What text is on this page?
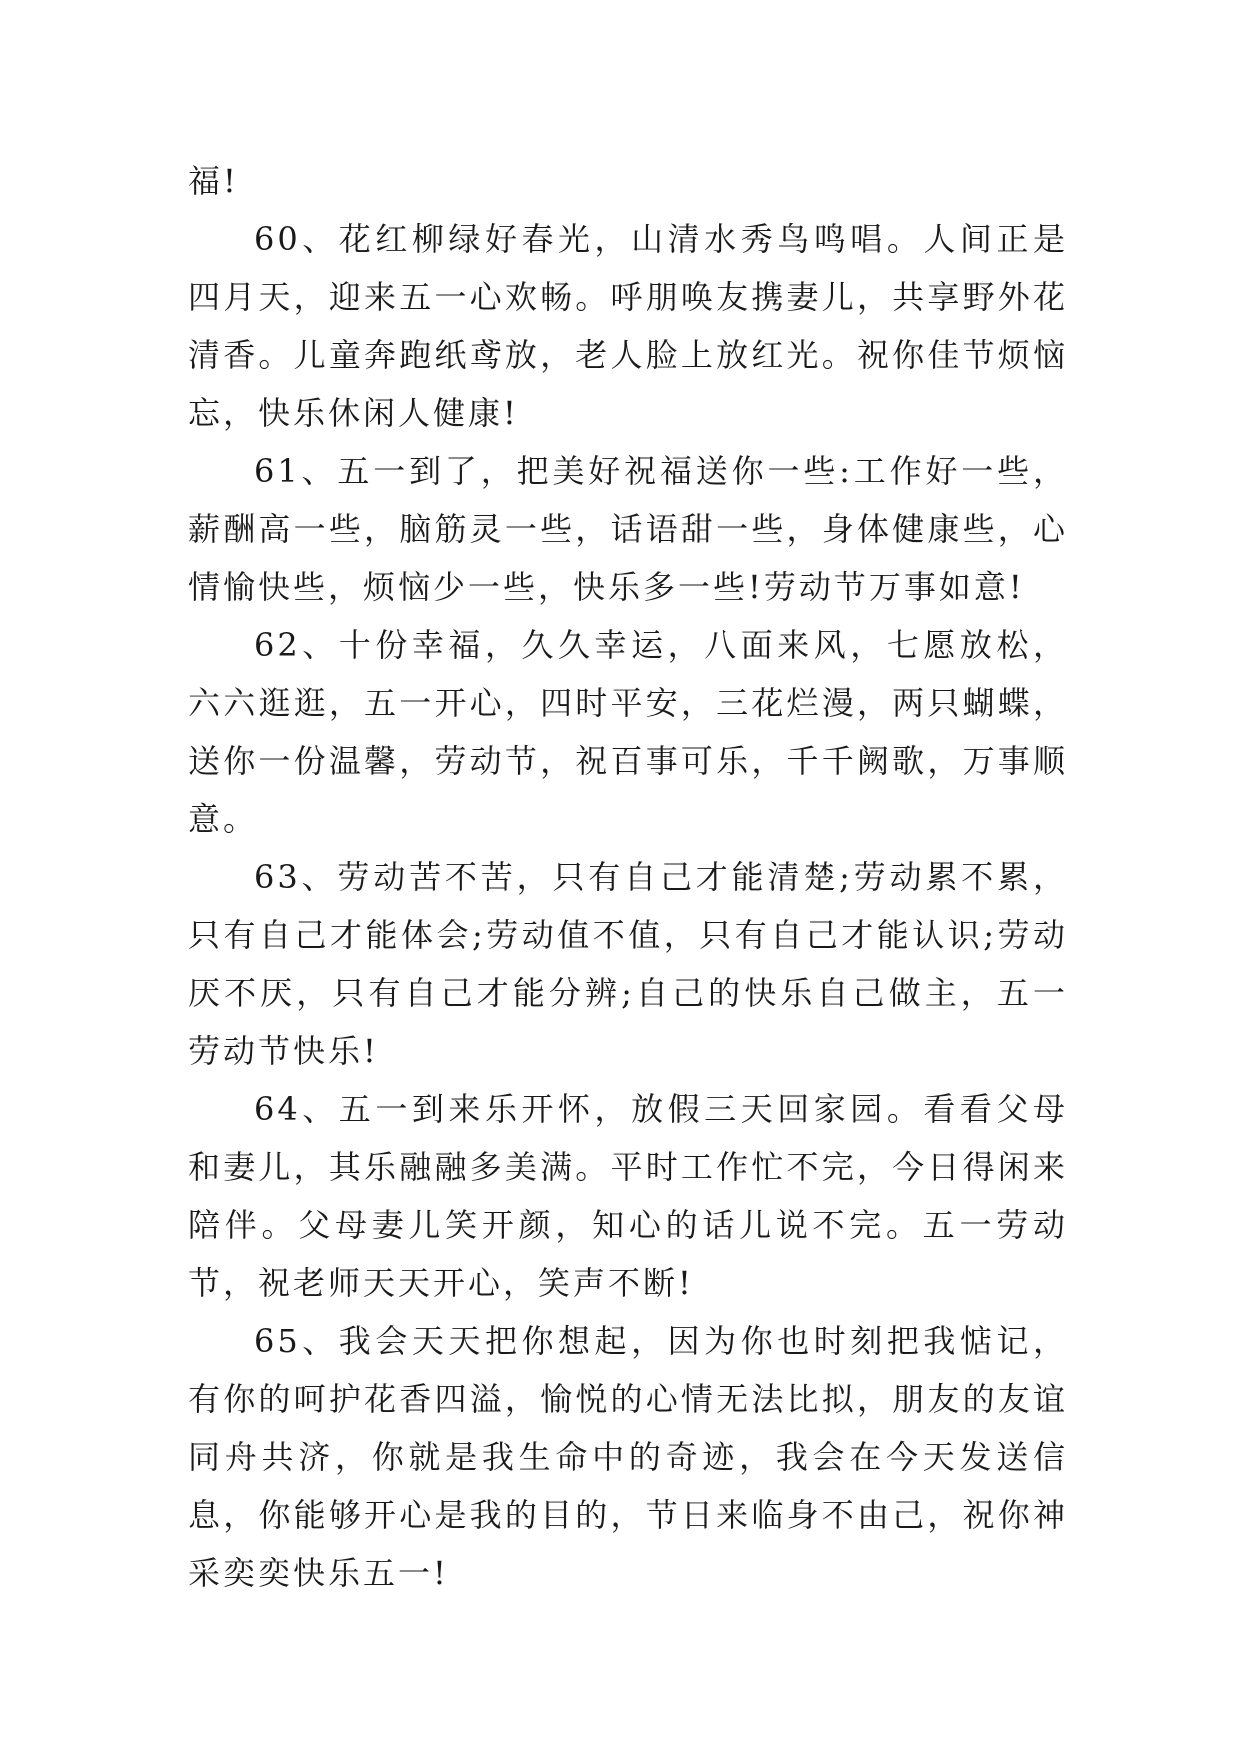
福!

60、花红柳绿好春光，山清水秀鸟鸣唱。人间正是四月天，迎来五一心欢畅。呼朋唤友携妻儿，共享野外花清香。儿童奔跑纸鸢放，老人脸上放红光。祝你佳节烦恼忘，快乐休闲人健康!

61、五一到了，把美好祝福送你一些:工作好一些，薪酬高一些，脑筋灵一些，话语甜一些，身体健康些，心情愉快些，烦恼少一些，快乐多一些!劳动节万事如意!

62、十份幸福，久久幸运，八面来风，七愿放松，六六逛逛，五一开心，四时平安，三花烂漫，两只蝴蝶，送你一份温馨，劳动节，祝百事可乐，千千阙歌，万事顺意。

63、劳动苦不苦，只有自己才能清楚;劳动累不累，只有自己才能体会;劳动值不值，只有自己才能认识;劳动厌不厌，只有自己才能分辨;自己的快乐自己做主，五一劳动节快乐!

64、五一到来乐开怀，放假三天回家园。看看父母和妻儿，其乐融融多美满。平时工作忙不完，今日得闲来陪伴。父母妻儿笑开颜，知心的话儿说不完。五一劳动节，祝老师天天开心，笑声不断!

65、我会天天把你想起，因为你也时刻把我惦记，有你的呵护花香四溢，愉悦的心情无法比拟，朋友的友谊同舟共济，你就是我生命中的奇迹，我会在今天发送信息，你能够开心是我的目的，节日来临身不由己，祝你神采奕奕快乐五一!
